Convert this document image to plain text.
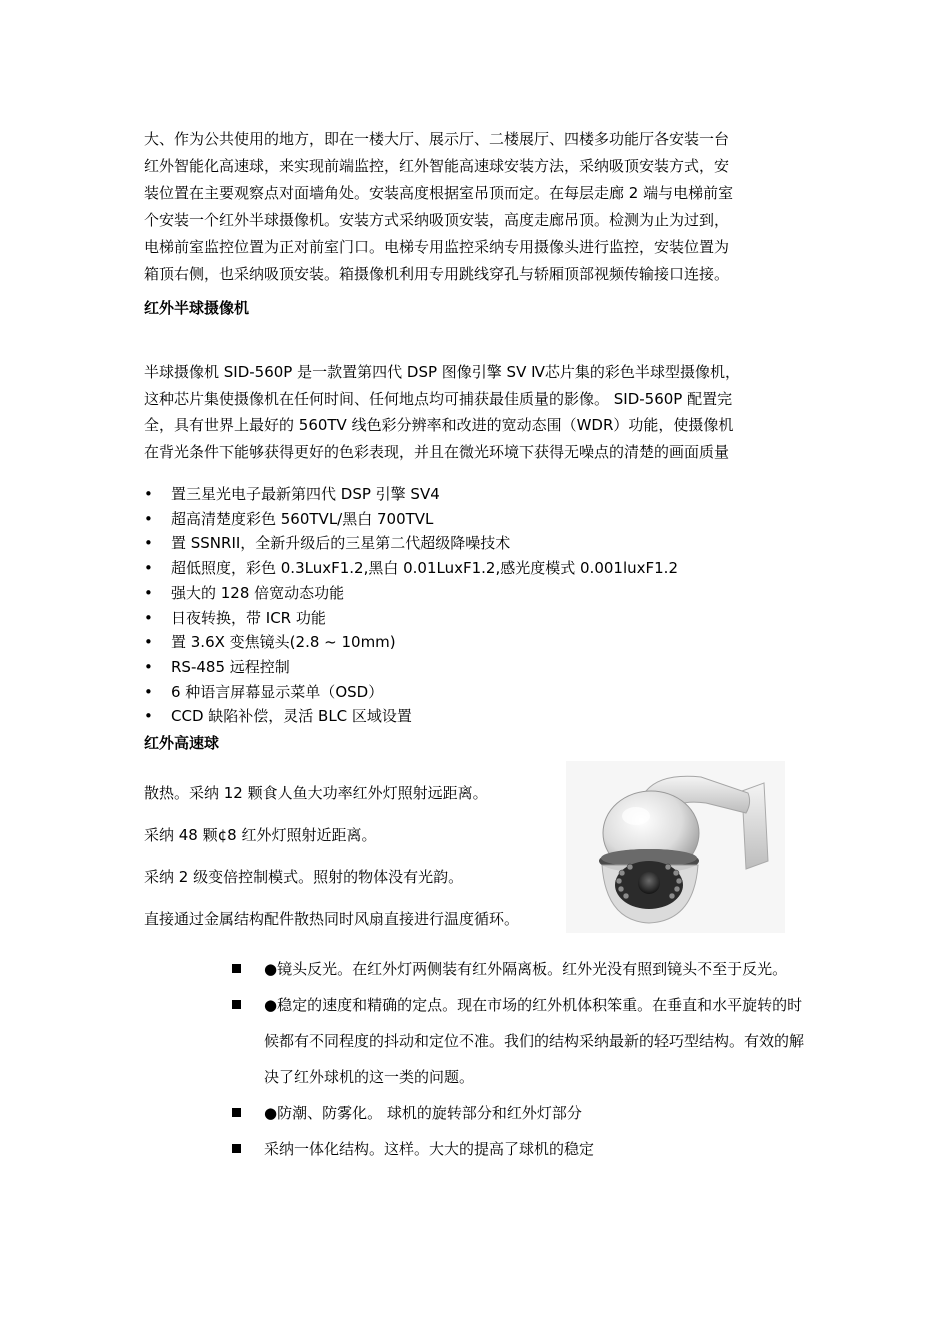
大、作为公共使用的地方，即在一楼大厅、展示厅、二楼展厅、四楼多功能厅各安装一台

红外智能化高速球，来实现前端监控，红外智能高速球安装方法，采纳吸顶安装方式，安

装位置在主要观察点对面墙角处。安装高度根据室吊顶而定。在每层走廊 2 端与电梯前室

个安装一个红外半球摄像机。安装方式采纳吸顶安装，高度走廊吊顶。检测为止为过到，

电梯前室监控位置为正对前室门口。电梯专用监控采纳专用摄像头进行监控，安装位置为

箱顶右侧，也采纳吸顶安装。箱摄像机利用专用跳线穿孔与轿厢顶部视频传输接口连接。

红外半球摄像机

半球摄像机 SID-560P 是一款置第四代 DSP 图像引擎 SV Ⅳ芯片集的彩色半球型摄像机，

这种芯片集使摄像机在任何时间、任何地点均可捕获最佳质量的影像。 SID-560P 配置完

全，具有世界上最好的 560TV 线色彩分辨率和改进的宽动态围（WDR）功能，使摄像机

在背光条件下能够获得更好的色彩表现，并且在微光环境下获得无噪点的清楚的画面质量

• 置三星光电子最新第四代 DSP 引擎 SV4
• 超高清楚度彩色 560TVL/黑白 700TVL
• 置 SSNRII，全新升级后的三星第二代超级降噪技术
• 超低照度，彩色 0.3LuxF1.2,黑白 0.01LuxF1.2,感光度模式 0.001luxF1.2
• 强大的 128 倍宽动态功能
• 日夜转换，带 ICR 功能
• 置 3.6X 变焦镜头(2.8 ~ 10mm)
• RS-485 远程控制
• 6 种语言屏幕显示菜单（OSD）
• CCD 缺陷补偿，灵活 BLC 区域设置
红外高速球

散热。采纳 12 颗食人鱼大功率红外灯照射远距离。

采纳 48 颗¢8 红外灯照射近距离。

采纳 2 级变倍控制模式。照射的物体没有光韵。

直接通过金属结构配件散热同时风扇直接进行温度循环。

●镜头反光。在红外灯两侧装有红外隔离板。红外光没有照到镜头不至于反光。
●稳定的速度和精确的定点。现在市场的红外机体积笨重。在垂直和水平旋转的时候都有不同程度的抖动和定位不准。我们的结构采纳最新的轻巧型结构。有效的解决了红外球机的这一类的问题。
●防潮、防雾化。 球机的旋转部分和红外灯部分
采纳一体化结构。这样。大大的提高了球机的稳定
